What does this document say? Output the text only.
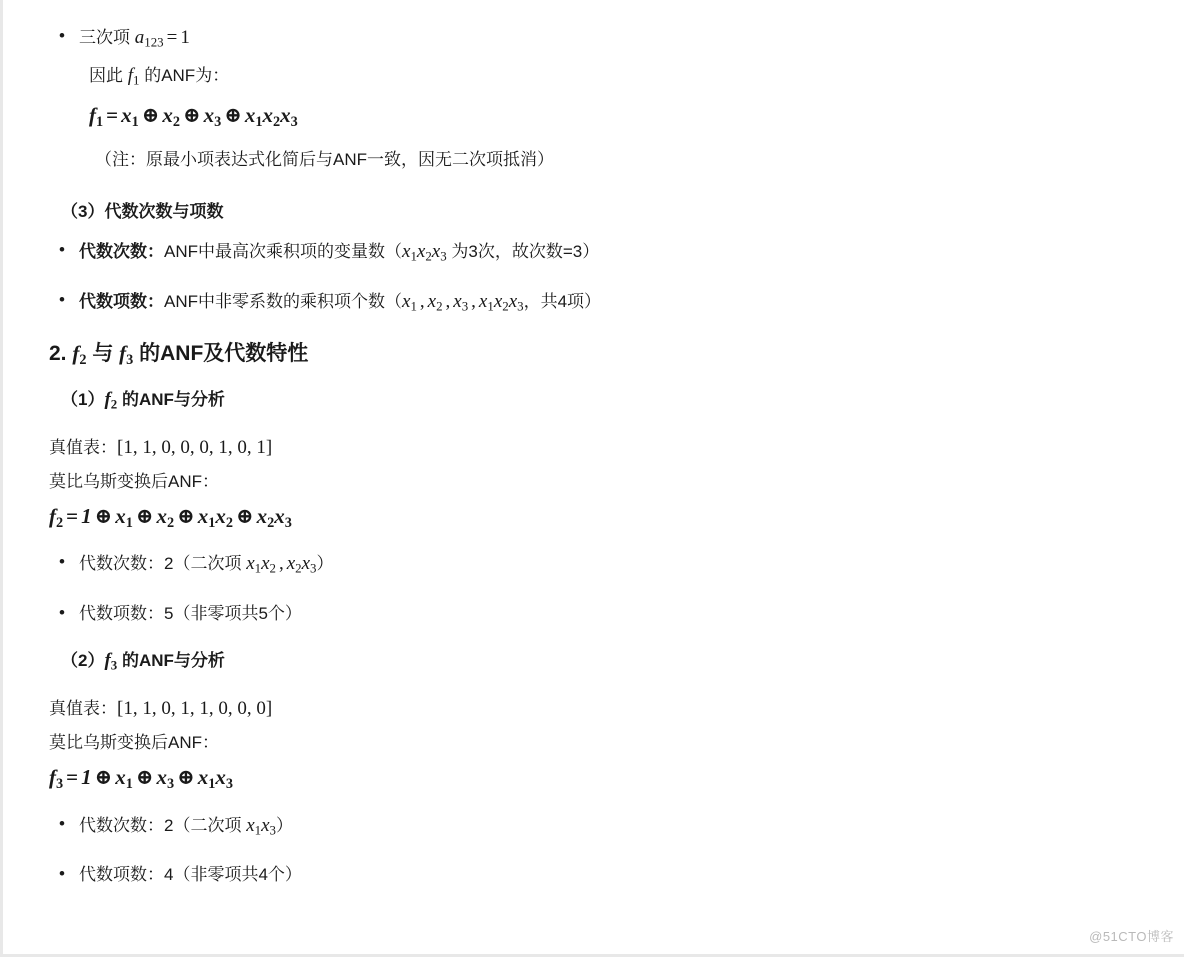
• 三次项 $a_{123} = 1$
因此 $f_1$ 的ANF为：
$f_1 = x_1$ ⊕ $x_2$ ⊕ $x_3$ ⊕ $x_1x_2x_3$
（注：原最小项表达式化简后与ANF一致，因无二次项抵消）
（3）代数次数与项数
• 代数次数：ANF中最高次乘积项的变量数（$x_1x_2x_3$ 为3次，故次数=3）
• 代数项数：ANF中非零系数的乘积项个数（$x_1$ , $x_2$ , $x_3$ , $x_1x_2x_3$，共4项）
2. $f_2$ 与 $f_3$ 的ANF及代数特性
$(1)f_2$ 的ANF与分析
真值表：[1, 1, 0, 0, 0, 1, 0, 1]
莫比乌斯变换后ANF：
$f_2 = 1$ ⊕ $x_1$ ⊕ $x_2$ ⊕ $x_1x_2$ ⊕ $x_2x_3$
• 代数次数：2（二次项 $x_1x_2$ , $x_2x_3$）
• 代数项数：5（非零项共5个）
$(2)f_3$ 的ANF与分析
真值表：[1, 1, 0, 1, 1, 0, 0, 0]
莫比乌斯变换后ANF：
$f_3 = 1$ ⊕ $x_1$ ⊕ $x_3$ ⊕ $x_1x_3$
• 代数次数：2（二次项 $x_1x_3$）
• 代数项数：4（非零项共4个）
@51CTO博客
